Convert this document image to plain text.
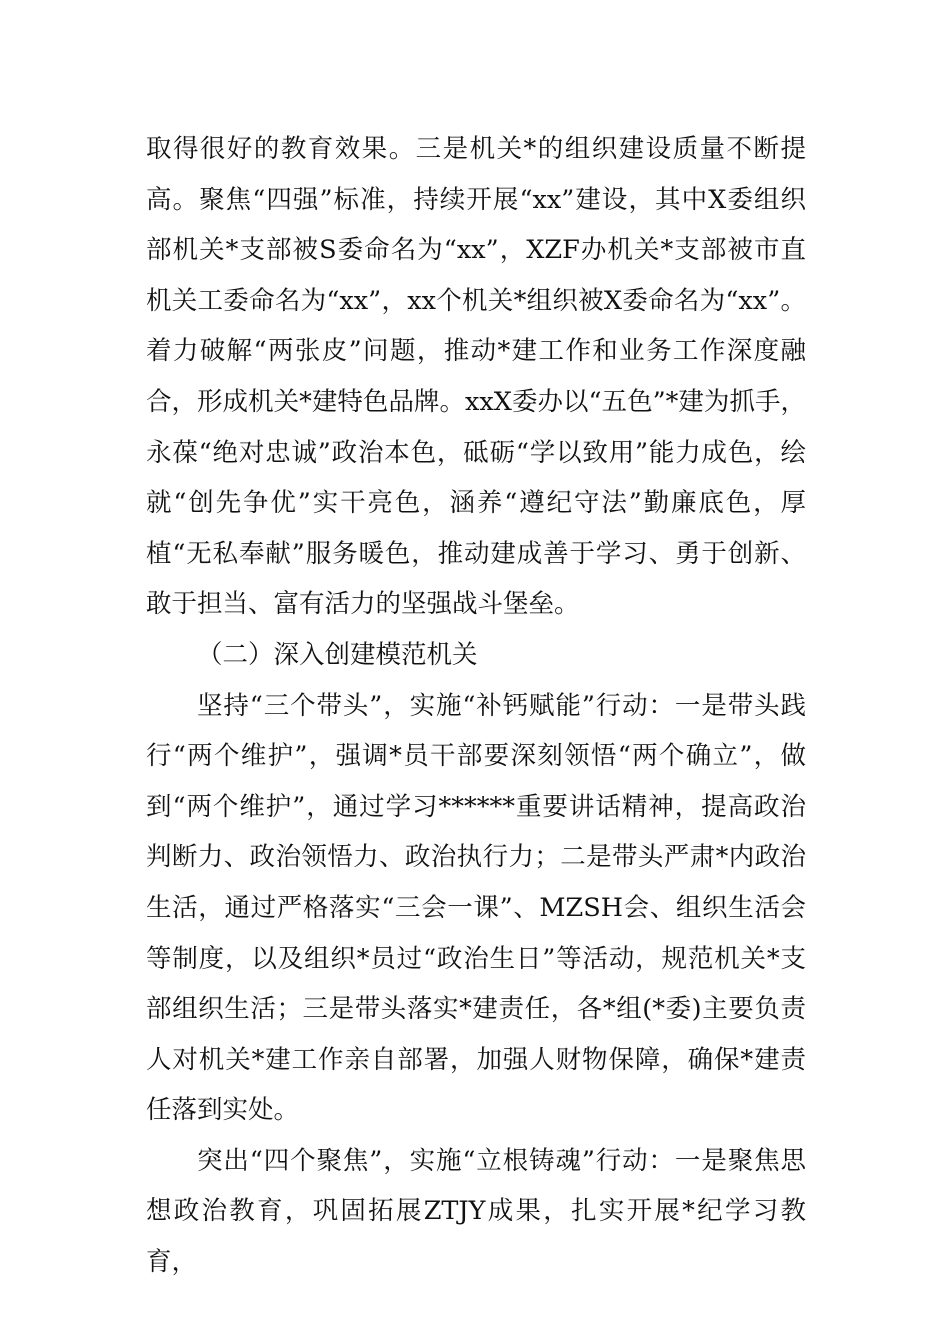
取得很好的教育效果。三是机关*的组织建设质量不断提高。聚焦“四强”标准，持续开展“xx”建设，其中X委组织部机关*支部被S委命名为“xx”，XZF办机关*支部被市直机关工委命名为“xx”，xx个机关*组织被X委命名为“xx”。着力破解“两张皮”问题，推动*建工作和业务工作深度融合，形成机关*建特色品牌。xxX委办以“五色”*建为抓手，永葆“绝对忠诚”政治本色，砥砺“学以致用”能力成色，绘就“创先争优”实干亮色，涵养“遵纪守法”勤廉底色，厚植“无私奉献”服务暖色，推动建成善于学习、勇于创新、敢于担当、富有活力的坚强战斗堡垒。

（二）深入创建模范机关

坚持“三个带头”，实施“补钙赋能”行动：一是带头践行“两个维护”，强调*员干部要深刻领悟“两个确立”，做到“两个维护”，通过学习******重要讲话精神，提高政治判断力、政治领悟力、政治执行力；二是带头严肃*内政治生活，通过严格落实“三会一课”、MZSH会、组织生活会等制度，以及组织*员过“政治生日”等活动，规范机关*支部组织生活；三是带头落实*建责任，各*组(*委)主要负责人对机关*建工作亲自部署，加强人财物保障，确保*建责任落到实处。

突出“四个聚焦”，实施“立根铸魂”行动：一是聚焦思想政治教育，巩固拓展ZTJY成果，扎实开展*纪学习教育，
